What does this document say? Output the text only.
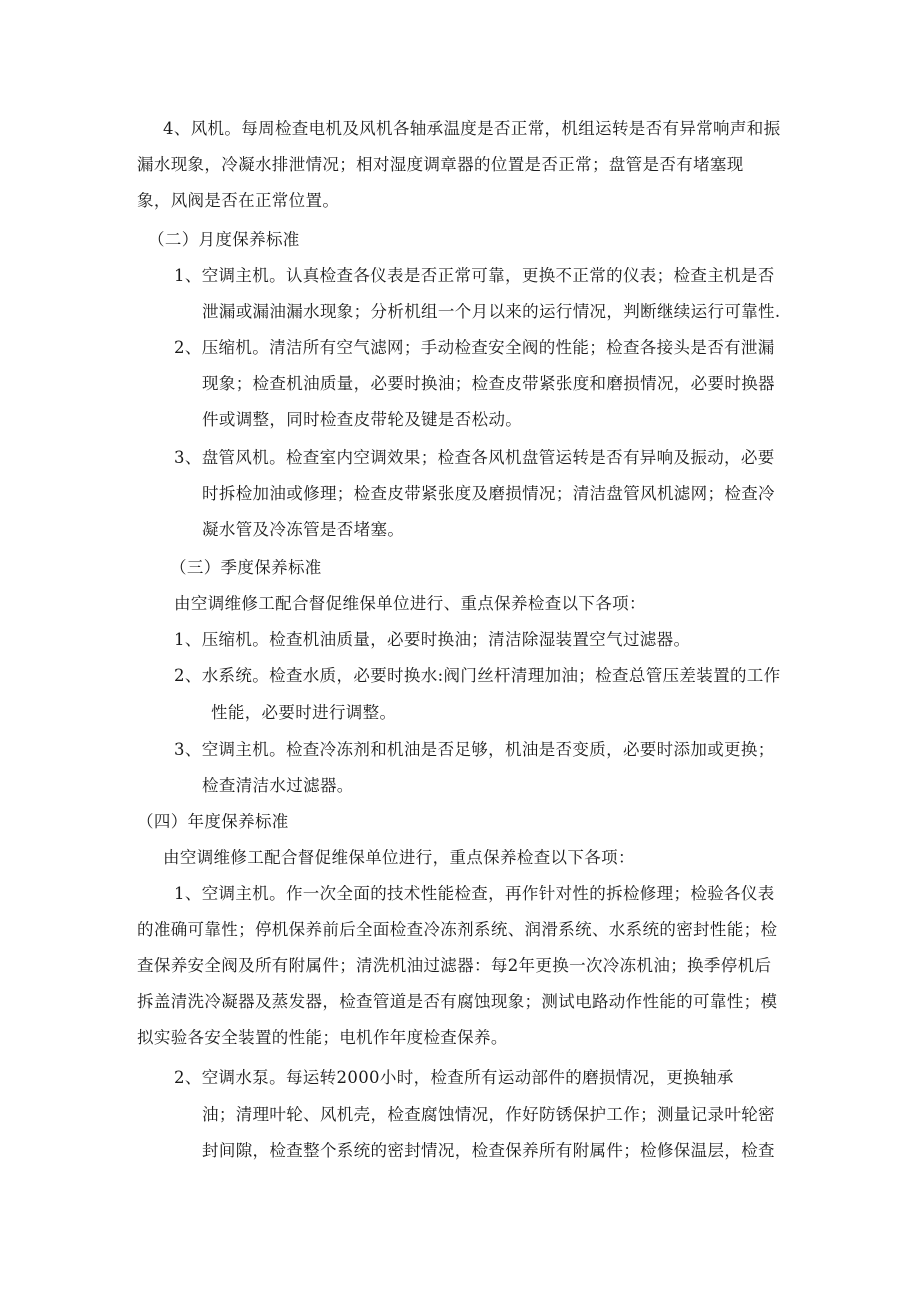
4、风机。每周检查电机及风机各轴承温度是否正常，机组运转是否有异常响声和振
漏水现象，冷凝水排泄情况；相对湿度调章器的位置是否正常；盘管是否有堵塞现
象，风阀是否在正常位置。
（二）月度保养标准
1、空调主机。认真检查各仪表是否正常可靠，更换不正常的仪表；检查主机是否
泄漏或漏油漏水现象；分析机组一个月以来的运行情况，判断继续运行可靠性.
2、压缩机。清洁所有空气滤网；手动检查安全阀的性能；检查各接头是否有泄漏
现象；检查机油质量，必要时换油；检查皮带紧张度和磨损情况，必要时换器
件或调整，同时检查皮带轮及键是否松动。
3、盘管风机。检查室内空调效果；检查各风机盘管运转是否有异响及振动，必要
时拆检加油或修理；检查皮带紧张度及磨损情况；清洁盘管风机滤网；检查冷
凝水管及冷冻管是否堵塞。
（三）季度保养标准
由空调维修工配合督促维保单位进行、重点保养检查以下各项：
1、压缩机。检查机油质量，必要时换油；清洁除湿装置空气过滤器。
2、水系统。检查水质，必要时换水:阀门丝杆清理加油；检查总管压差装置的工作
性能，必要时进行调整。
3、空调主机。检查冷冻剂和机油是否足够，机油是否变质，必要时添加或更换；
检查清洁水过滤器。
（四）年度保养标准
由空调维修工配合督促维保单位进行，重点保养检查以下各项：
1、空调主机。作一次全面的技术性能检查，再作针对性的拆检修理；检验各仪表
的准确可靠性；停机保养前后全面检查冷冻剂系统、润滑系统、水系统的密封性能；检
查保养安全阀及所有附属件；清洗机油过滤器：每2年更换一次冷冻机油；换季停机后
拆盖清洗冷凝器及蒸发器，检查管道是否有腐蚀现象；测试电路动作性能的可靠性；模
拟实验各安全装置的性能；电机作年度检查保养。
2、空调水泵。每运转2000小时，检查所有运动部件的磨损情况，更换轴承
油；清理叶轮、风机壳，检查腐蚀情况，作好防锈保护工作；测量记录叶轮密
封间隙，检查整个系统的密封情况，检查保养所有附属件；检修保温层，检查
